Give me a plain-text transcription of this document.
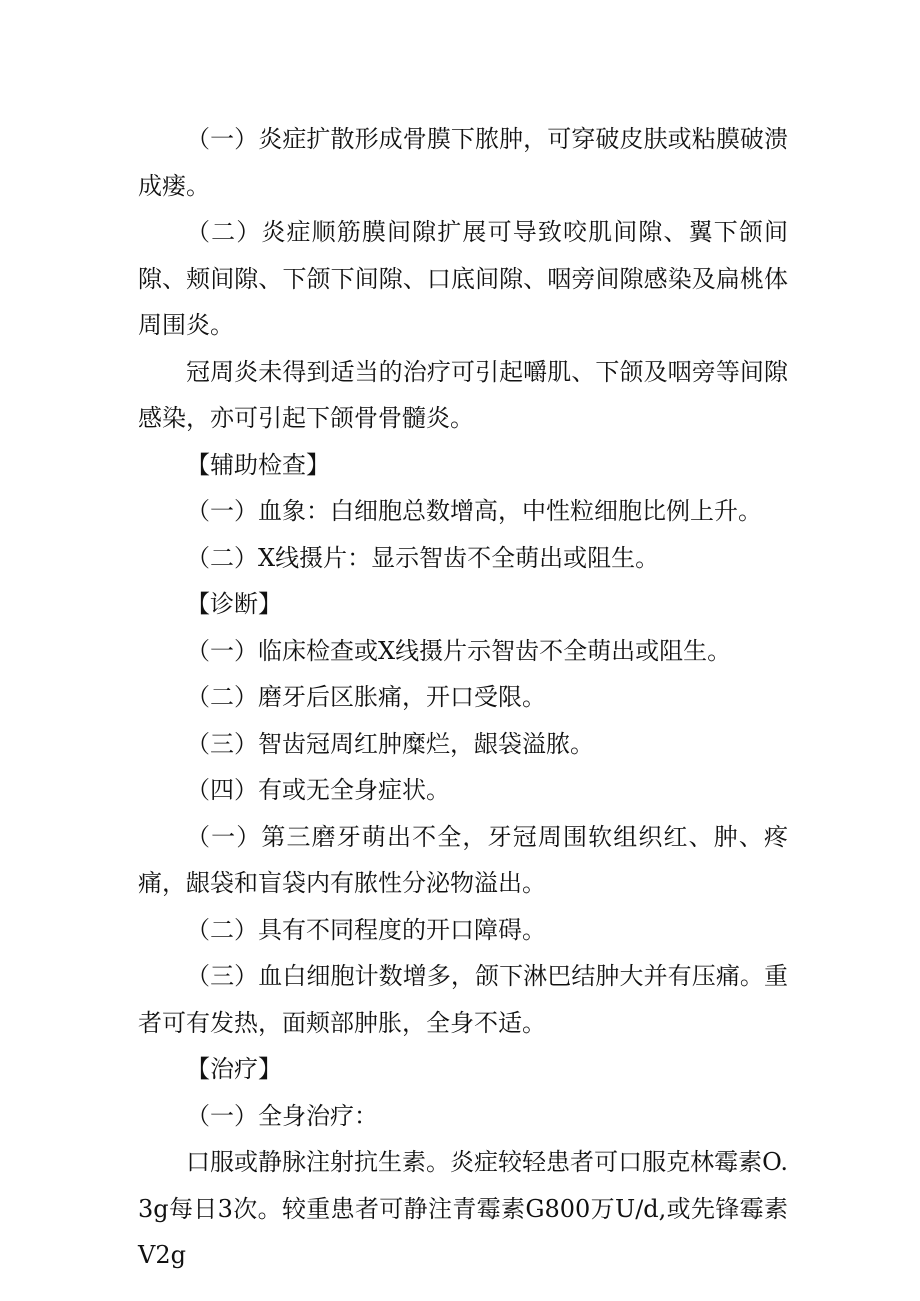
（一）炎症扩散形成骨膜下脓肿，可穿破皮肤或粘膜破溃成瘘。

（二）炎症顺筋膜间隙扩展可导致咬肌间隙、翼下颌间隙、颊间隙、下颌下间隙、口底间隙、咽旁间隙感染及扁桃体周围炎。

冠周炎未得到适当的治疗可引起嚼肌、下颌及咽旁等间隙感染，亦可引起下颌骨骨髓炎。

【辅助检查】

（一）血象：白细胞总数增高，中性粒细胞比例上升。

（二）X线摄片：显示智齿不全萌出或阻生。

【诊断】

（一）临床检查或X线摄片示智齿不全萌出或阻生。

（二）磨牙后区胀痛，开口受限。

（三）智齿冠周红肿糜烂，龈袋溢脓。

（四）有或无全身症状。

（一）第三磨牙萌出不全，牙冠周围软组织红、肿、疼痛，龈袋和盲袋内有脓性分泌物溢出。

（二）具有不同程度的开口障碍。

（三）血白细胞计数增多，颌下淋巴结肿大并有压痛。重者可有发热，面颊部肿胀，全身不适。

【治疗】

（一）全身治疗：

口服或静脉注射抗生素。炎症较轻患者可口服克林霉素O.3g每日3次。较重患者可静注青霉素G800万U∕d,或先锋霉素V2g
